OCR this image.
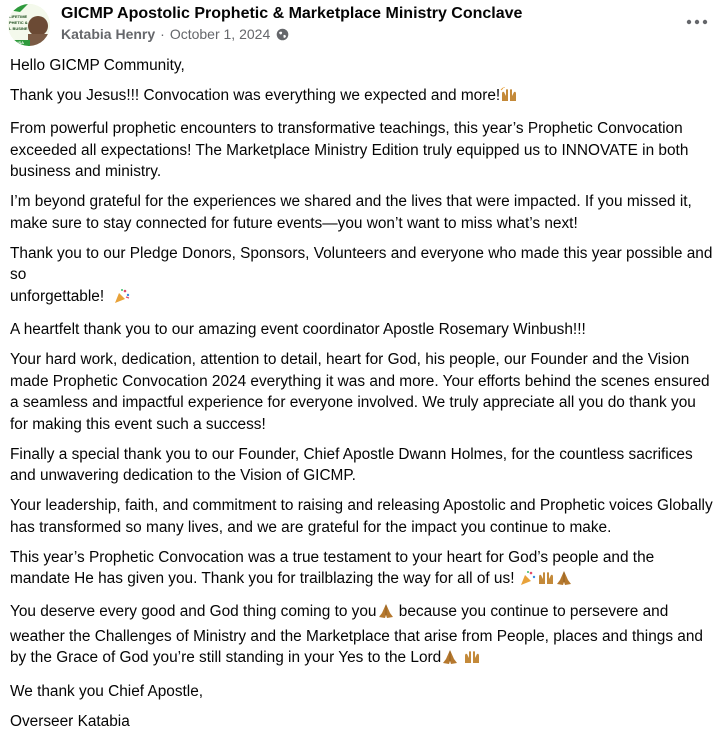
LIFETIME
PHETIC &
L BUSINE
UP USA
GICMP Apostolic Prophetic & Marketplace Ministry Conclave
Katabia Henry · October 1, 2024

Hello GICMP Community,

Thank you Jesus!!! Convocation was everything we expected and more!

From powerful prophetic encounters to transformative teachings, this year’s Prophetic Convocation exceeded all expectations! The Marketplace Ministry Edition truly equipped us to INNOVATE in both business and ministry.

I’m beyond grateful for the experiences we shared and the lives that were impacted. If you missed it, make sure to stay connected for future events—you won’t want to miss what’s next!

Thank you to our Pledge Donors, Sponsors, Volunteers and everyone who made this year possible and so
unforgettable!

A heartfelt thank you to our amazing event coordinator Apostle Rosemary Winbush!!!

Your hard work, dedication, attention to detail, heart for God, his people, our Founder and the Vision made Prophetic Convocation 2024 everything it was and more. Your efforts behind the scenes ensured a seamless and impactful experience for everyone involved. We truly appreciate all you do thank you for making this event such a success!

Finally a special thank you to our Founder, Chief Apostle Dwann Holmes, for the countless sacrifices and unwavering dedication to the Vision of GICMP.

Your leadership, faith, and commitment to raising and releasing Apostolic and Prophetic voices Globally has transformed so many lives, and we are grateful for the impact you continue to make.

This year’s Prophetic Convocation was a true testament to your heart for God’s people and the mandate He has given you. Thank you for trailblazing the way for all of us!

You deserve every good and God thing coming to you because you continue to persevere and weather the Challenges of Ministry and the Marketplace that arise from People, places and things and by the Grace of God you’re still standing in your Yes to the Lord

We thank you Chief Apostle,

Overseer Katabia
